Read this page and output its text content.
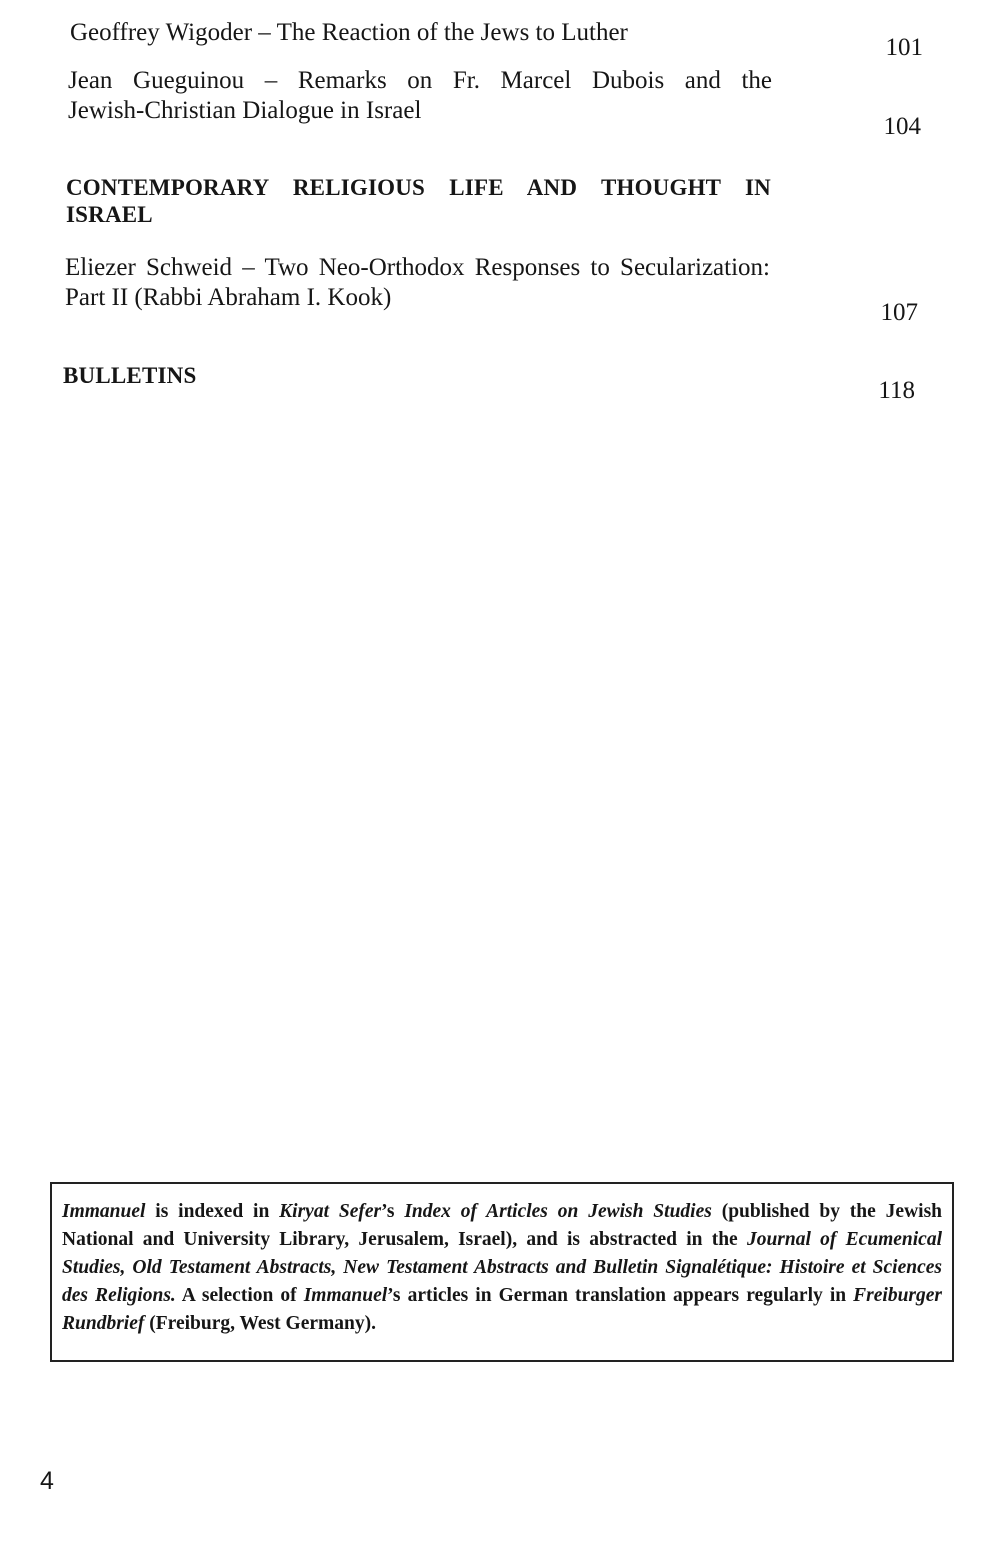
Geoffrey Wigoder – The Reaction of the Jews to Luther
101
Jean Gueguinou – Remarks on Fr. Marcel Dubois and the
Jewish-Christian Dialogue in Israel
104
CONTEMPORARY RELIGIOUS LIFE AND THOUGHT IN
ISRAEL
Eliezer Schweid – Two Neo-Orthodox Responses to Secularization:
Part II (Rabbi Abraham I. Kook)
107
BULLETINS
118
Immanuel is indexed in Kiryat Sefer’s Index of Articles on Jewish Studies (published by the Jewish National and University Library, Jerusalem, Israel), and is abstracted in the Journal of Ecumenical Studies, Old Testament Abstracts, New Testament Abstracts and Bulletin Signalétique: Histoire et Sciences des Religions. A selection of Immanuel’s articles in German translation appears regularly in Freiburger Rundbrief (Freiburg, West Germany).
4
